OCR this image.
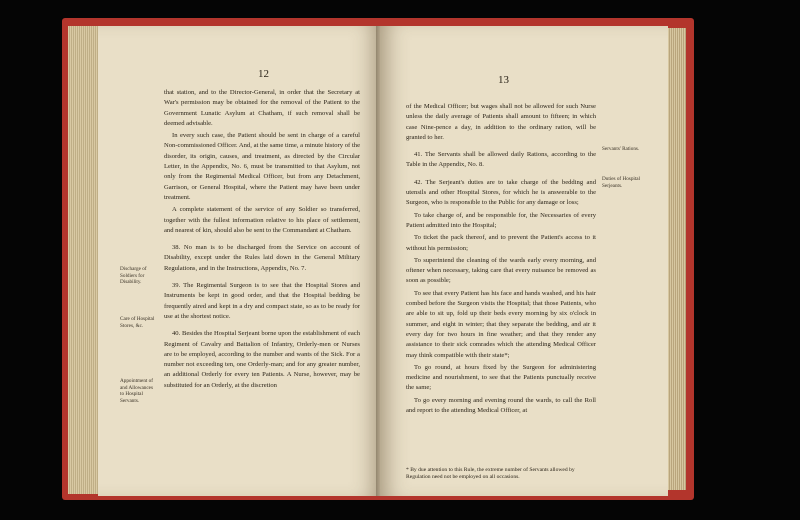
12

that station, and to the Director-General, in order that the Secretary at War's permission may be obtained for the removal of the Patient to the Government Lunatic Asylum at Chatham, if such removal shall be deemed advisable.

In every such case, the Patient should be sent in charge of a careful Non-commissioned Officer. And, at the same time, a minute history of the disorder, its origin, causes, and treatment, as directed by the Circular Letter, in the Appendix, No. 6, must be transmitted to that Asylum, not only from the Regimental Medical Officer, but from any Detachment, Garrison, or General Hospital, where the Patient may have been under treatment.

A complete statement of the service of any Soldier so transferred, together with the fullest information relative to his place of settlement, and nearest of kin, should also be sent to the Commandant at Chatham.

38. No man is to be discharged from the Service on account of Disability, except under the Rules laid down in the General Military Regulations, and in the Instructions, Appendix, No. 7.

39. The Regimental Surgeon is to see that the Hospital Stores and Instruments be kept in good order, and that the Hospital bedding be frequently aired and kept in a dry and compact state, so as to be ready for use at the shortest notice.

40. Besides the Hospital Serjeant borne upon the establishment of each Regiment of Cavalry and Battalion of Infantry, Orderly-men or Nurses are to be employed, according to the number and wants of the Sick. For a number not exceeding ten, one Orderly-man; and for any greater number, an additional Orderly for every ten Patients. A Nurse, however, may be substituted for an Orderly, at the discretion

Discharge of Soldiers for Disability.
Care of Hospital Stores, &c.
Appointment of and Allowances to Hospital Servants.
13

of the Medical Officer; but wages shall not be allowed for such Nurse unless the daily average of Patients shall amount to fifteen; in which case Nine-pence a day, in addition to the ordinary ration, will be granted to her.

41. The Servants shall be allowed daily Rations, according to the Table in the Appendix, No. 8.

42. The Serjeant's duties are to take charge of the bedding and utensils and other Hospital Stores, for which he is answerable to the Surgeon, who is responsible to the Public for any damage or loss;

To take charge of, and be responsible for, the Necessaries of every Patient admitted into the Hospital;

To ticket the pack thereof, and to prevent the Patient's access to it without his permission;

To superintend the cleaning of the wards early every morning, and oftener when necessary, taking care that every nuisance be removed as soon as possible;

To see that every Patient has his face and hands washed, and his hair combed before the Surgeon visits the Hospital; that those Patients, who are able to sit up, fold up their beds every morning by six o'clock in summer, and eight in winter; that they separate the bedding, and air it every day for two hours in fine weather; and that they render any assistance to their sick comrades which the attending Medical Officer may think compatible with their state*;

To go round, at hours fixed by the Surgeon for administering medicine and nourishment, to see that the Patients punctually receive the same;

To go every morning and evening round the wards, to call the Roll and report to the attending Medical Officer, at

Servants' Rations.
Duties of Hospital Serjeants.
* By due attention to this Rule, the extreme number of Servants allowed by Regulation need not be employed on all occasions.
